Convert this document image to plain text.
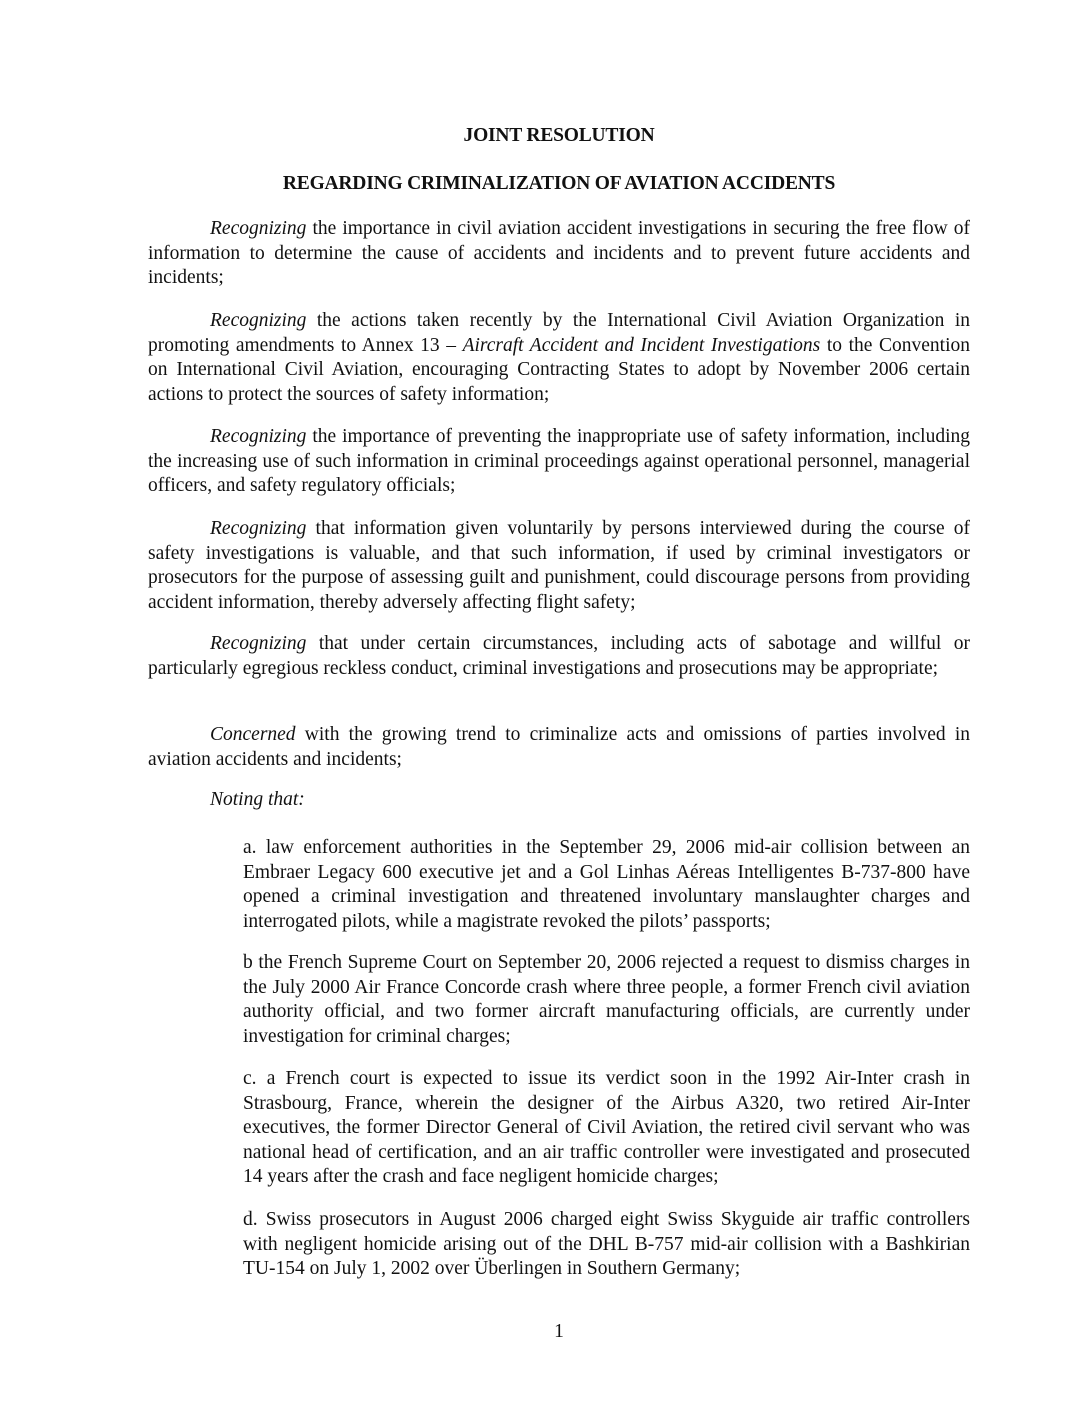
JOINT RESOLUTION

REGARDING CRIMINALIZATION OF AVIATION ACCIDENTS

Recognizing the importance in civil aviation accident investigations in securing the free flow of information to determine the cause of accidents and incidents and to prevent future accidents and incidents;

Recognizing the actions taken recently by the International Civil Aviation Organization in promoting amendments to Annex 13 – Aircraft Accident and Incident Investigations to the Convention on International Civil Aviation, encouraging Contracting States to adopt by November 2006 certain actions to protect the sources of safety information;

Recognizing the importance of preventing the inappropriate use of safety information, including the increasing use of such information in criminal proceedings against operational personnel, managerial officers, and safety regulatory officials;

Recognizing that information given voluntarily by persons interviewed during the course of safety investigations is valuable, and that such information, if used by criminal investigators or prosecutors for the purpose of assessing guilt and punishment, could discourage persons from providing accident information, thereby adversely affecting flight safety;

Recognizing that under certain circumstances, including acts of sabotage and willful or particularly egregious reckless conduct, criminal investigations and prosecutions may be appropriate;

Concerned with the growing trend to criminalize acts and omissions of parties involved in aviation accidents and incidents;

Noting that:

a. law enforcement authorities in the September 29, 2006 mid-air collision between an Embraer Legacy 600 executive jet and a Gol Linhas Aéreas Intelligentes B-737-800 have opened a criminal investigation and threatened involuntary manslaughter charges and interrogated pilots, while a magistrate revoked the pilots’ passports;

b the French Supreme Court on September 20, 2006 rejected a request to dismiss charges in the July 2000 Air France Concorde crash where three people, a former French civil aviation authority official, and two former aircraft manufacturing officials, are currently under investigation for criminal charges;

c. a French court is expected to issue its verdict soon in the 1992 Air-Inter crash in Strasbourg, France, wherein the designer of the Airbus A320, two retired Air-Inter executives, the former Director General of Civil Aviation, the retired civil servant who was national head of certification, and an air traffic controller were investigated and prosecuted 14 years after the crash and face negligent homicide charges;

d. Swiss prosecutors in August 2006 charged eight Swiss Skyguide air traffic controllers with negligent homicide arising out of the DHL B-757 mid-air collision with a Bashkirian TU-154 on July 1, 2002 over Überlingen in Southern Germany;

1
